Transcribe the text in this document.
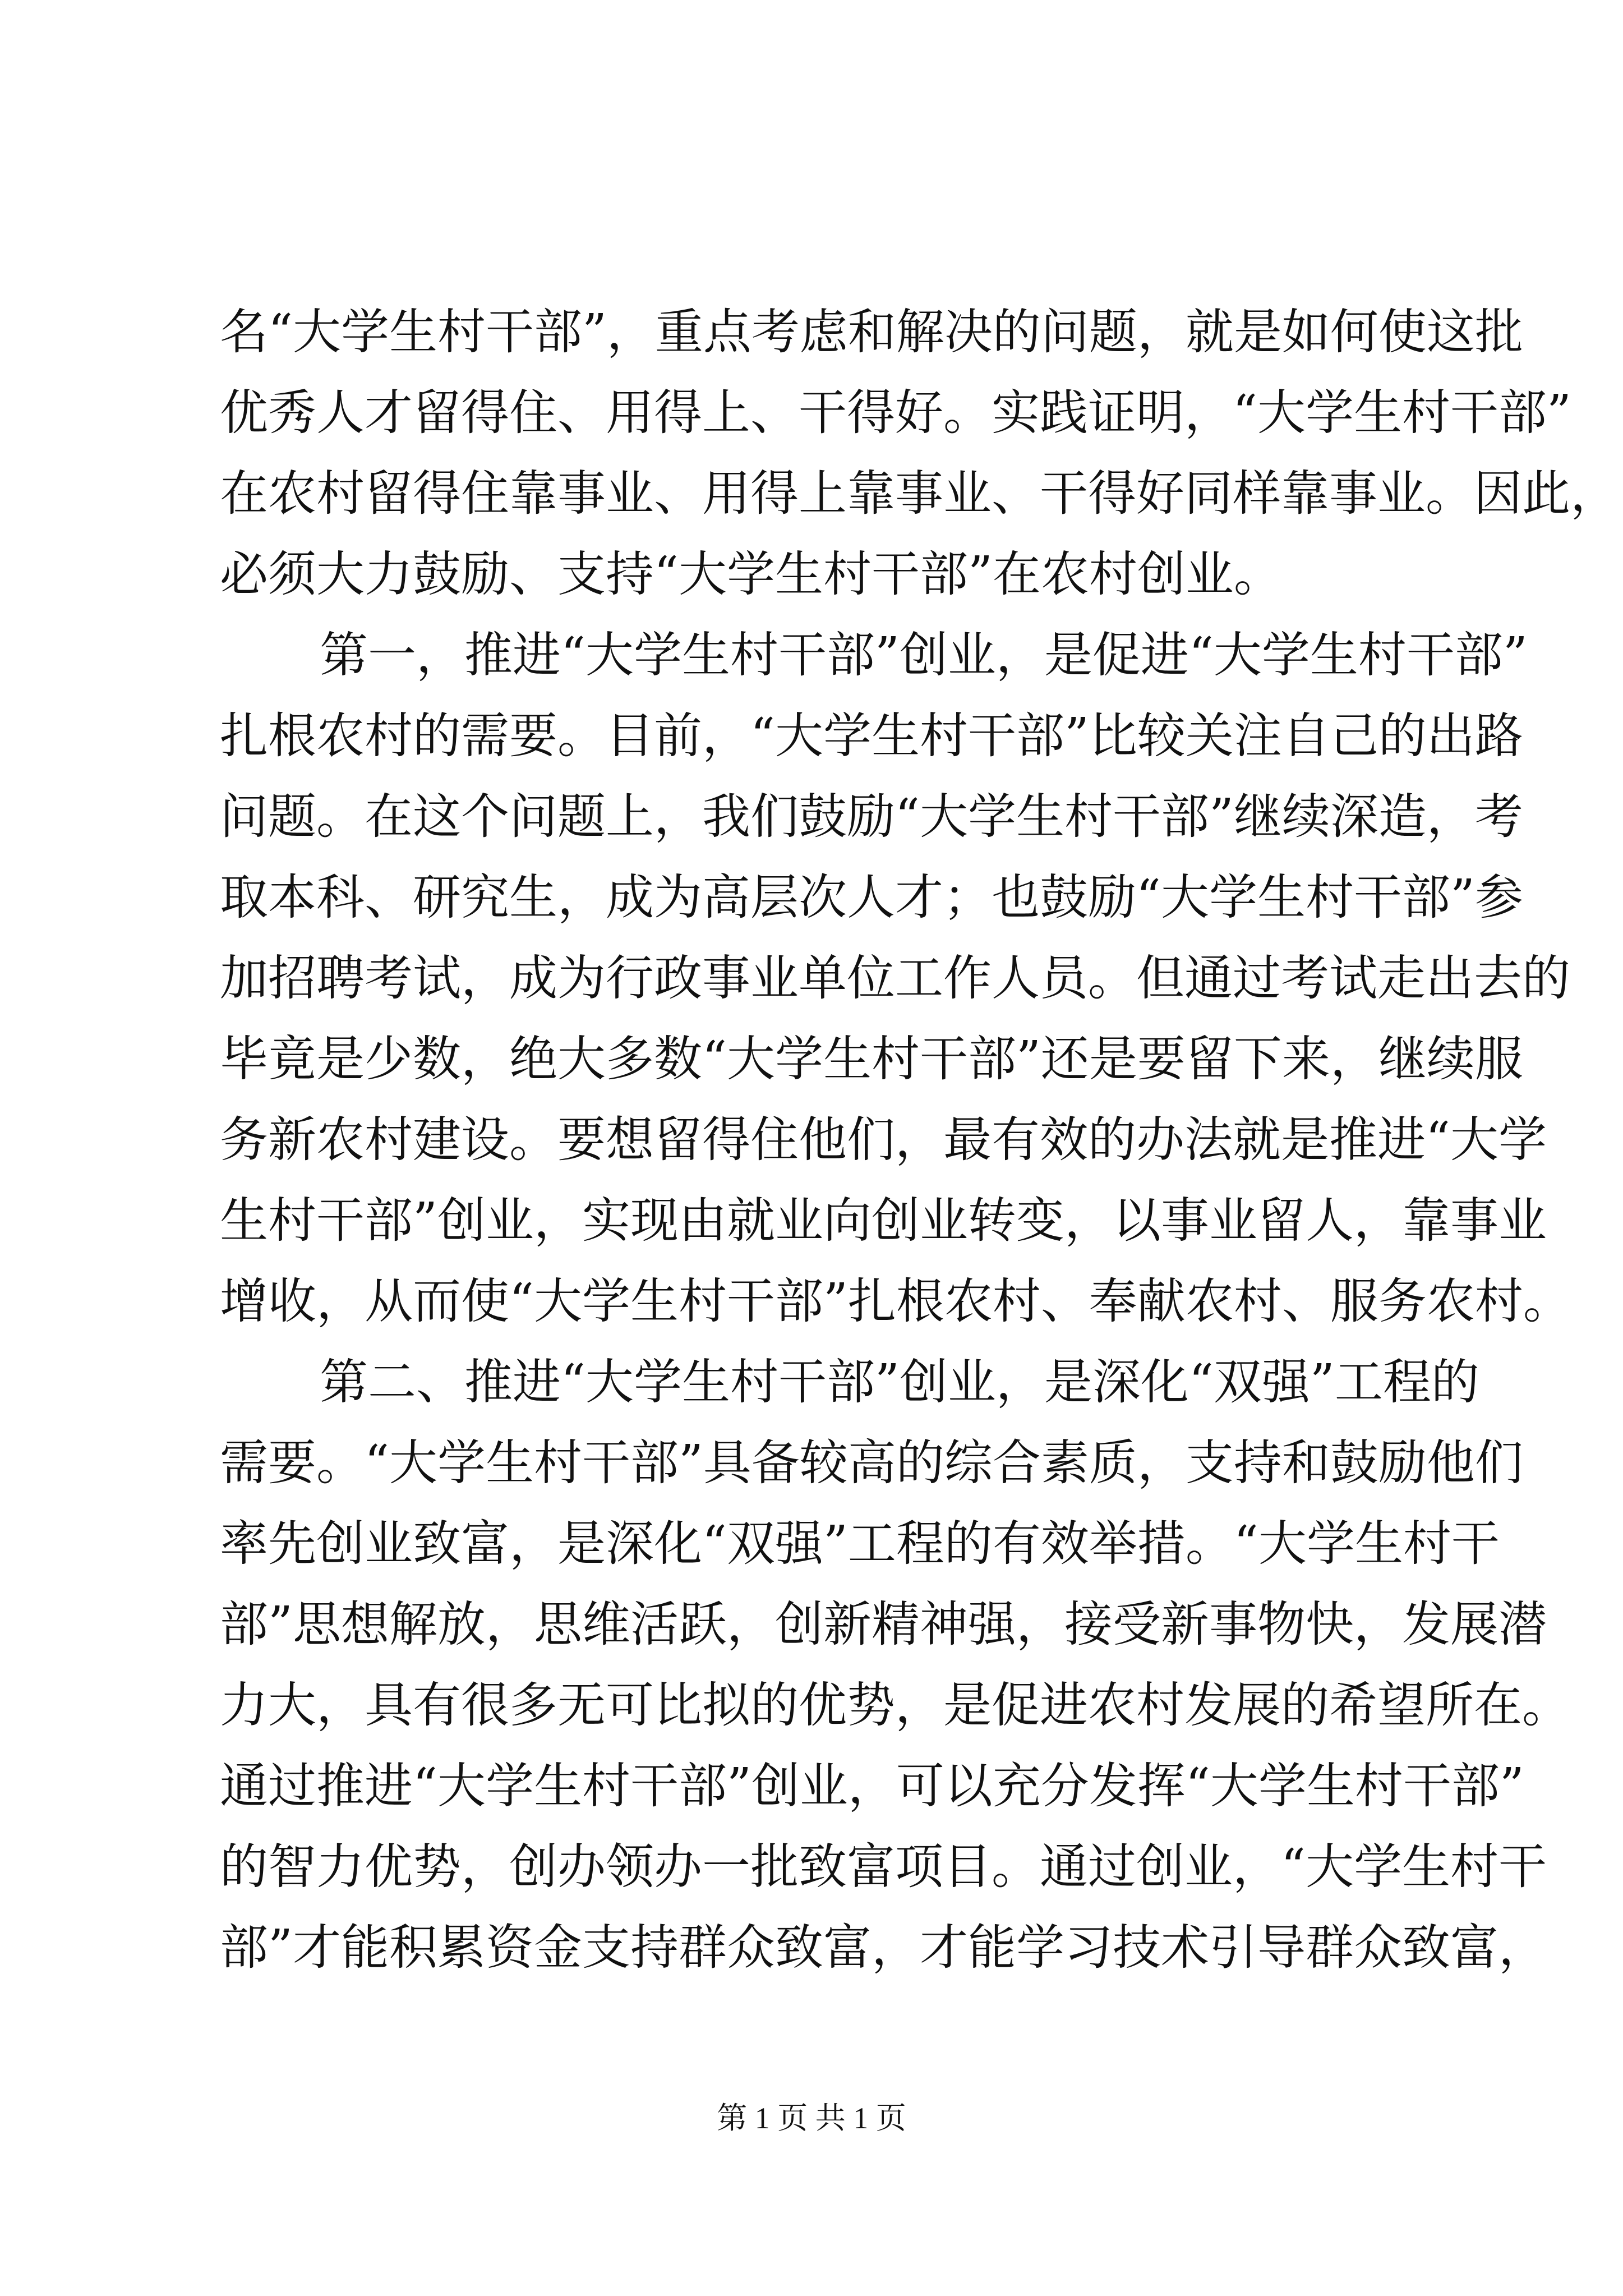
名“大学生村干部”，重点考虑和解决的问题，就是如何使这批
优秀人才留得住、用得上、干得好。实践证明，“大学生村干部”
在农村留得住靠事业、用得上靠事业、干得好同样靠事业。因此，
必须大力鼓励、支持“大学生村干部”在农村创业。
第一，推进“大学生村干部”创业，是促进“大学生村干部”
扎根农村的需要。目前，“大学生村干部”比较关注自己的出路
问题。在这个问题上，我们鼓励“大学生村干部”继续深造，考
取本科、研究生，成为高层次人才；也鼓励“大学生村干部”参
加招聘考试，成为行政事业单位工作人员。但通过考试走出去的
毕竟是少数，绝大多数“大学生村干部”还是要留下来，继续服
务新农村建设。要想留得住他们，最有效的办法就是推进“大学
生村干部”创业，实现由就业向创业转变，以事业留人，靠事业
增收，从而使“大学生村干部”扎根农村、奉献农村、服务农村。
第二、推进“大学生村干部”创业，是深化“双强”工程的
需要。“大学生村干部”具备较高的综合素质，支持和鼓励他们
率先创业致富，是深化“双强”工程的有效举措。“大学生村干
部”思想解放，思维活跃，创新精神强，接受新事物快，发展潜
力大，具有很多无可比拟的优势，是促进农村发展的希望所在。
通过推进“大学生村干部”创业，可以充分发挥“大学生村干部”
的智力优势，创办领办一批致富项目。通过创业，“大学生村干
部”才能积累资金支持群众致富，才能学习技术引导群众致富，
第 1 页 共 1 页
